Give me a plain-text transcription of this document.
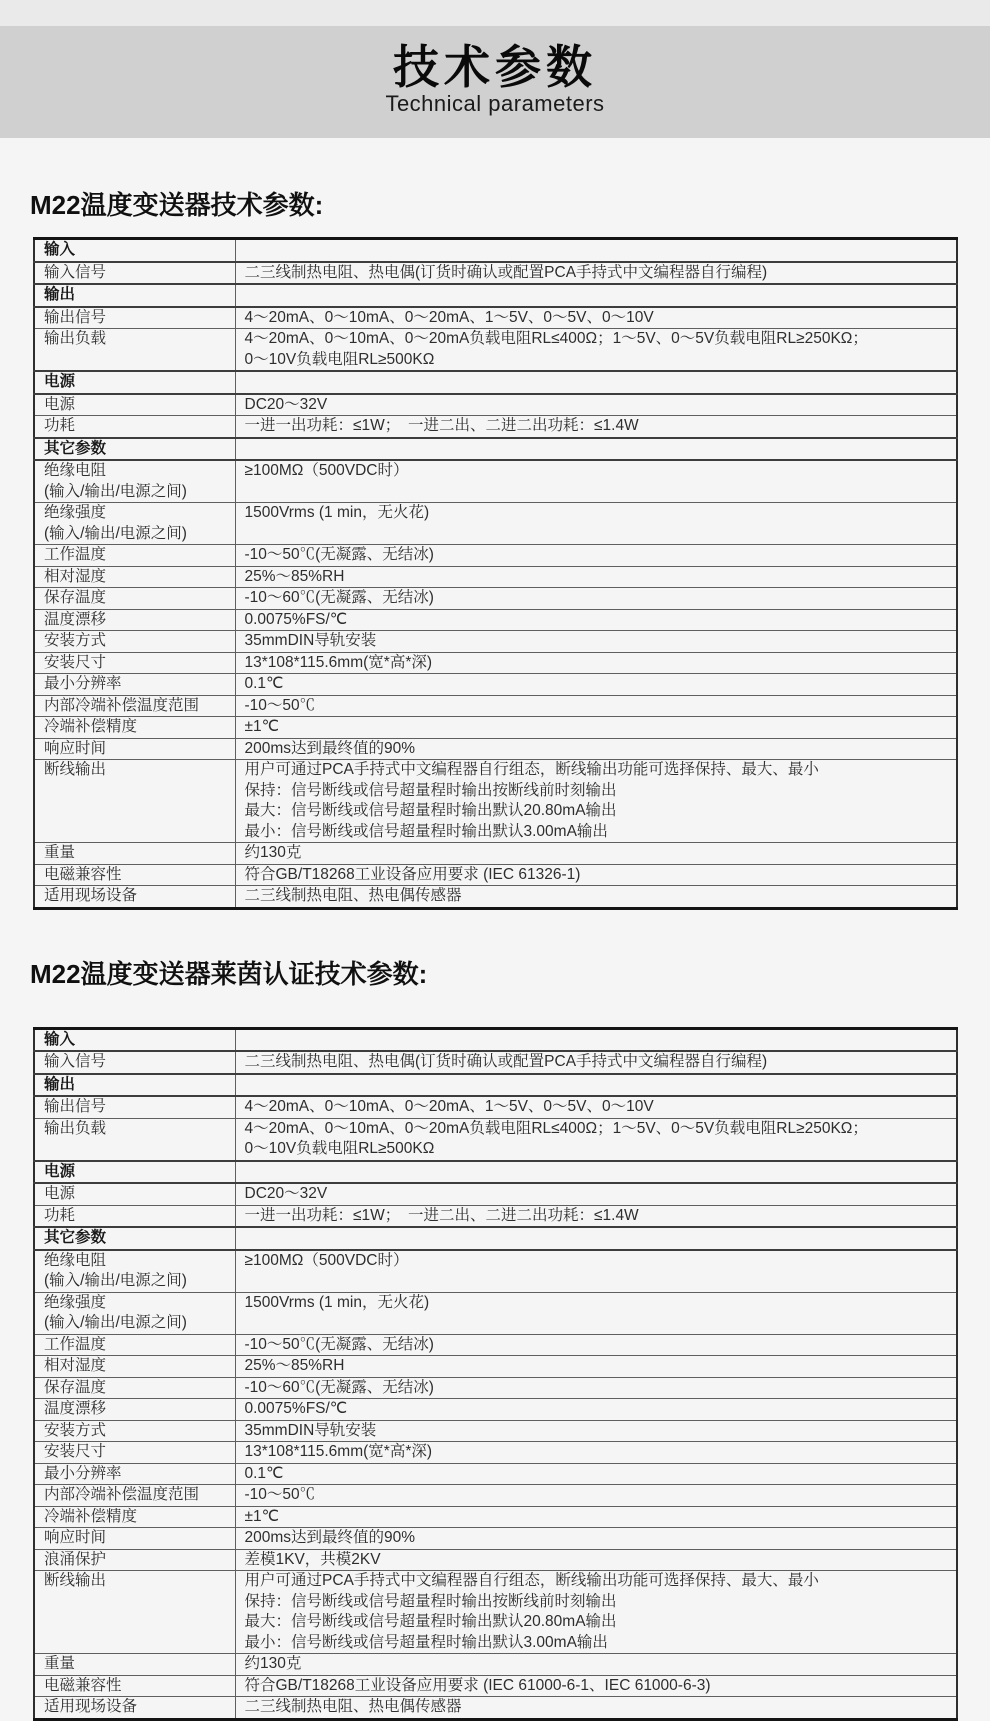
技术参数
Technical parameters
M22温度变送器技术参数:
输入	

输入信号	二三线制热电阻、热电偶(订货时确认或配置PCA手持式中文编程器自行编程)

输出	

输出信号	4～20mA、0～10mA、0～20mA、1～5V、0～5V、0～10V

输出负载	4～20mA、0～10mA、0～20mA负载电阻RL≤400Ω；1～5V、0～5V负载电阻RL≥250KΩ；
0～10V负载电阻RL≥500KΩ

电源	

电源	DC20～32V

功耗	一进一出功耗：≤1W；　一进二出、二进二出功耗：≤1.4W

其它参数	

绝缘电阻
(输入/输出/电源之间)	≥100MΩ（500VDC时）

绝缘强度
(输入/输出/电源之间)	1500Vrms (1 min，无火花)

工作温度	-10～50℃(无凝露、无结冰)

相对湿度	25%～85%RH

保存温度	-10～60℃(无凝露、无结冰)

温度漂移	0.0075%FS/℃

安装方式	35mmDIN导轨安装

安装尺寸	13*108*115.6mm(宽*高*深)

最小分辨率	0.1℃

内部冷端补偿温度范围	-10～50℃

冷端补偿精度	±1℃

响应时间	200ms达到最终值的90%

断线输出	用户可通过PCA手持式中文编程器自行组态，断线输出功能可选择保持、最大、最小
保持：信号断线或信号超量程时输出按断线前时刻输出
最大：信号断线或信号超量程时输出默认20.80mA输出
最小：信号断线或信号超量程时输出默认3.00mA输出

重量	约130克

电磁兼容性	符合GB/T18268工业设备应用要求 (IEC 61326-1)

适用现场设备	二三线制热电阻、热电偶传感器
M22温度变送器莱茵认证技术参数:
输入	

输入信号	二三线制热电阻、热电偶(订货时确认或配置PCA手持式中文编程器自行编程)

输出	

输出信号	4～20mA、0～10mA、0～20mA、1～5V、0～5V、0～10V

输出负载	4～20mA、0～10mA、0～20mA负载电阻RL≤400Ω；1～5V、0～5V负载电阻RL≥250KΩ；
0～10V负载电阻RL≥500KΩ

电源	

电源	DC20～32V

功耗	一进一出功耗：≤1W；　一进二出、二进二出功耗：≤1.4W

其它参数	

绝缘电阻
(输入/输出/电源之间)	≥100MΩ（500VDC时）

绝缘强度
(输入/输出/电源之间)	1500Vrms (1 min，无火花)

工作温度	-10～50℃(无凝露、无结冰)

相对湿度	25%～85%RH

保存温度	-10～60℃(无凝露、无结冰)

温度漂移	0.0075%FS/℃

安装方式	35mmDIN导轨安装

安装尺寸	13*108*115.6mm(宽*高*深)

最小分辨率	0.1℃

内部冷端补偿温度范围	-10～50℃

冷端补偿精度	±1℃

响应时间	200ms达到最终值的90%

浪涌保护	差模1KV，共模2KV

断线输出	用户可通过PCA手持式中文编程器自行组态，断线输出功能可选择保持、最大、最小
保持：信号断线或信号超量程时输出按断线前时刻输出
最大：信号断线或信号超量程时输出默认20.80mA输出
最小：信号断线或信号超量程时输出默认3.00mA输出

重量	约130克

电磁兼容性	符合GB/T18268工业设备应用要求 (IEC 61000-6-1、IEC 61000-6-3)

适用现场设备	二三线制热电阻、热电偶传感器
